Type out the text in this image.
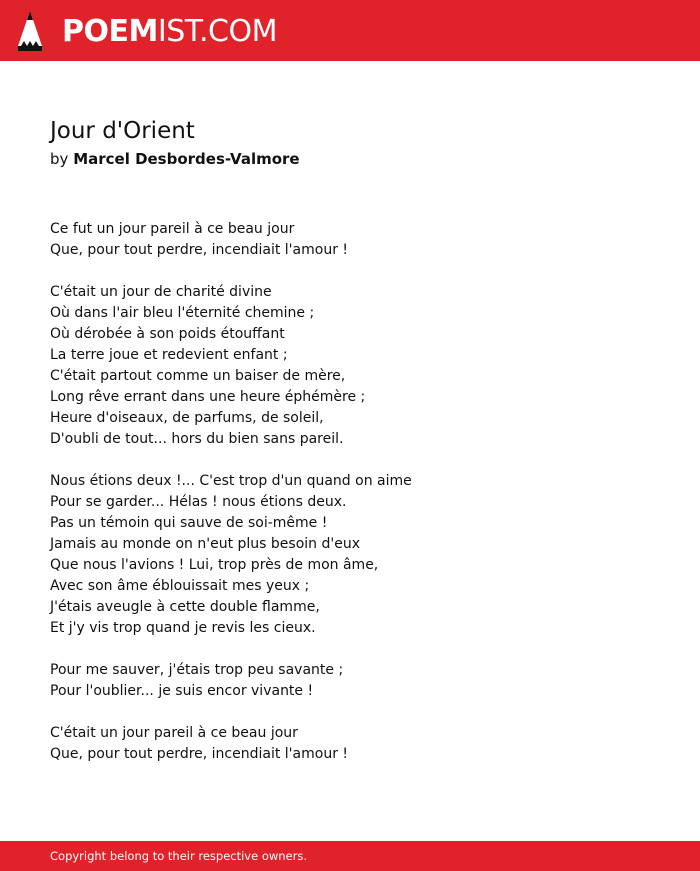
POEMIST.COM
Jour d'Orient
by Marcel Desbordes-Valmore
Ce fut un jour pareil à ce beau jour
Que, pour tout perdre, incendiait l'amour !
C'était un jour de charité divine
Où dans l'air bleu l'éternité chemine ;
Où dérobée à son poids étouffant
La terre joue et redevient enfant ;
C'était partout comme un baiser de mère,
Long rêve errant dans une heure éphémère ;
Heure d'oiseaux, de parfums, de soleil,
D'oubli de tout... hors du bien sans pareil.
Nous étions deux !... C'est trop d'un quand on aime
Pour se garder... Hélas ! nous étions deux.
Pas un témoin qui sauve de soi-même !
Jamais au monde on n'eut plus besoin d'eux
Que nous l'avions ! Lui, trop près de mon âme,
Avec son âme éblouissait mes yeux ;
J'étais aveugle à cette double flamme,
Et j'y vis trop quand je revis les cieux.
Pour me sauver, j'étais trop peu savante ;
Pour l'oublier... je suis encor vivante !
C'était un jour pareil à ce beau jour
Que, pour tout perdre, incendiait l'amour !
Copyright belong to their respective owners.
